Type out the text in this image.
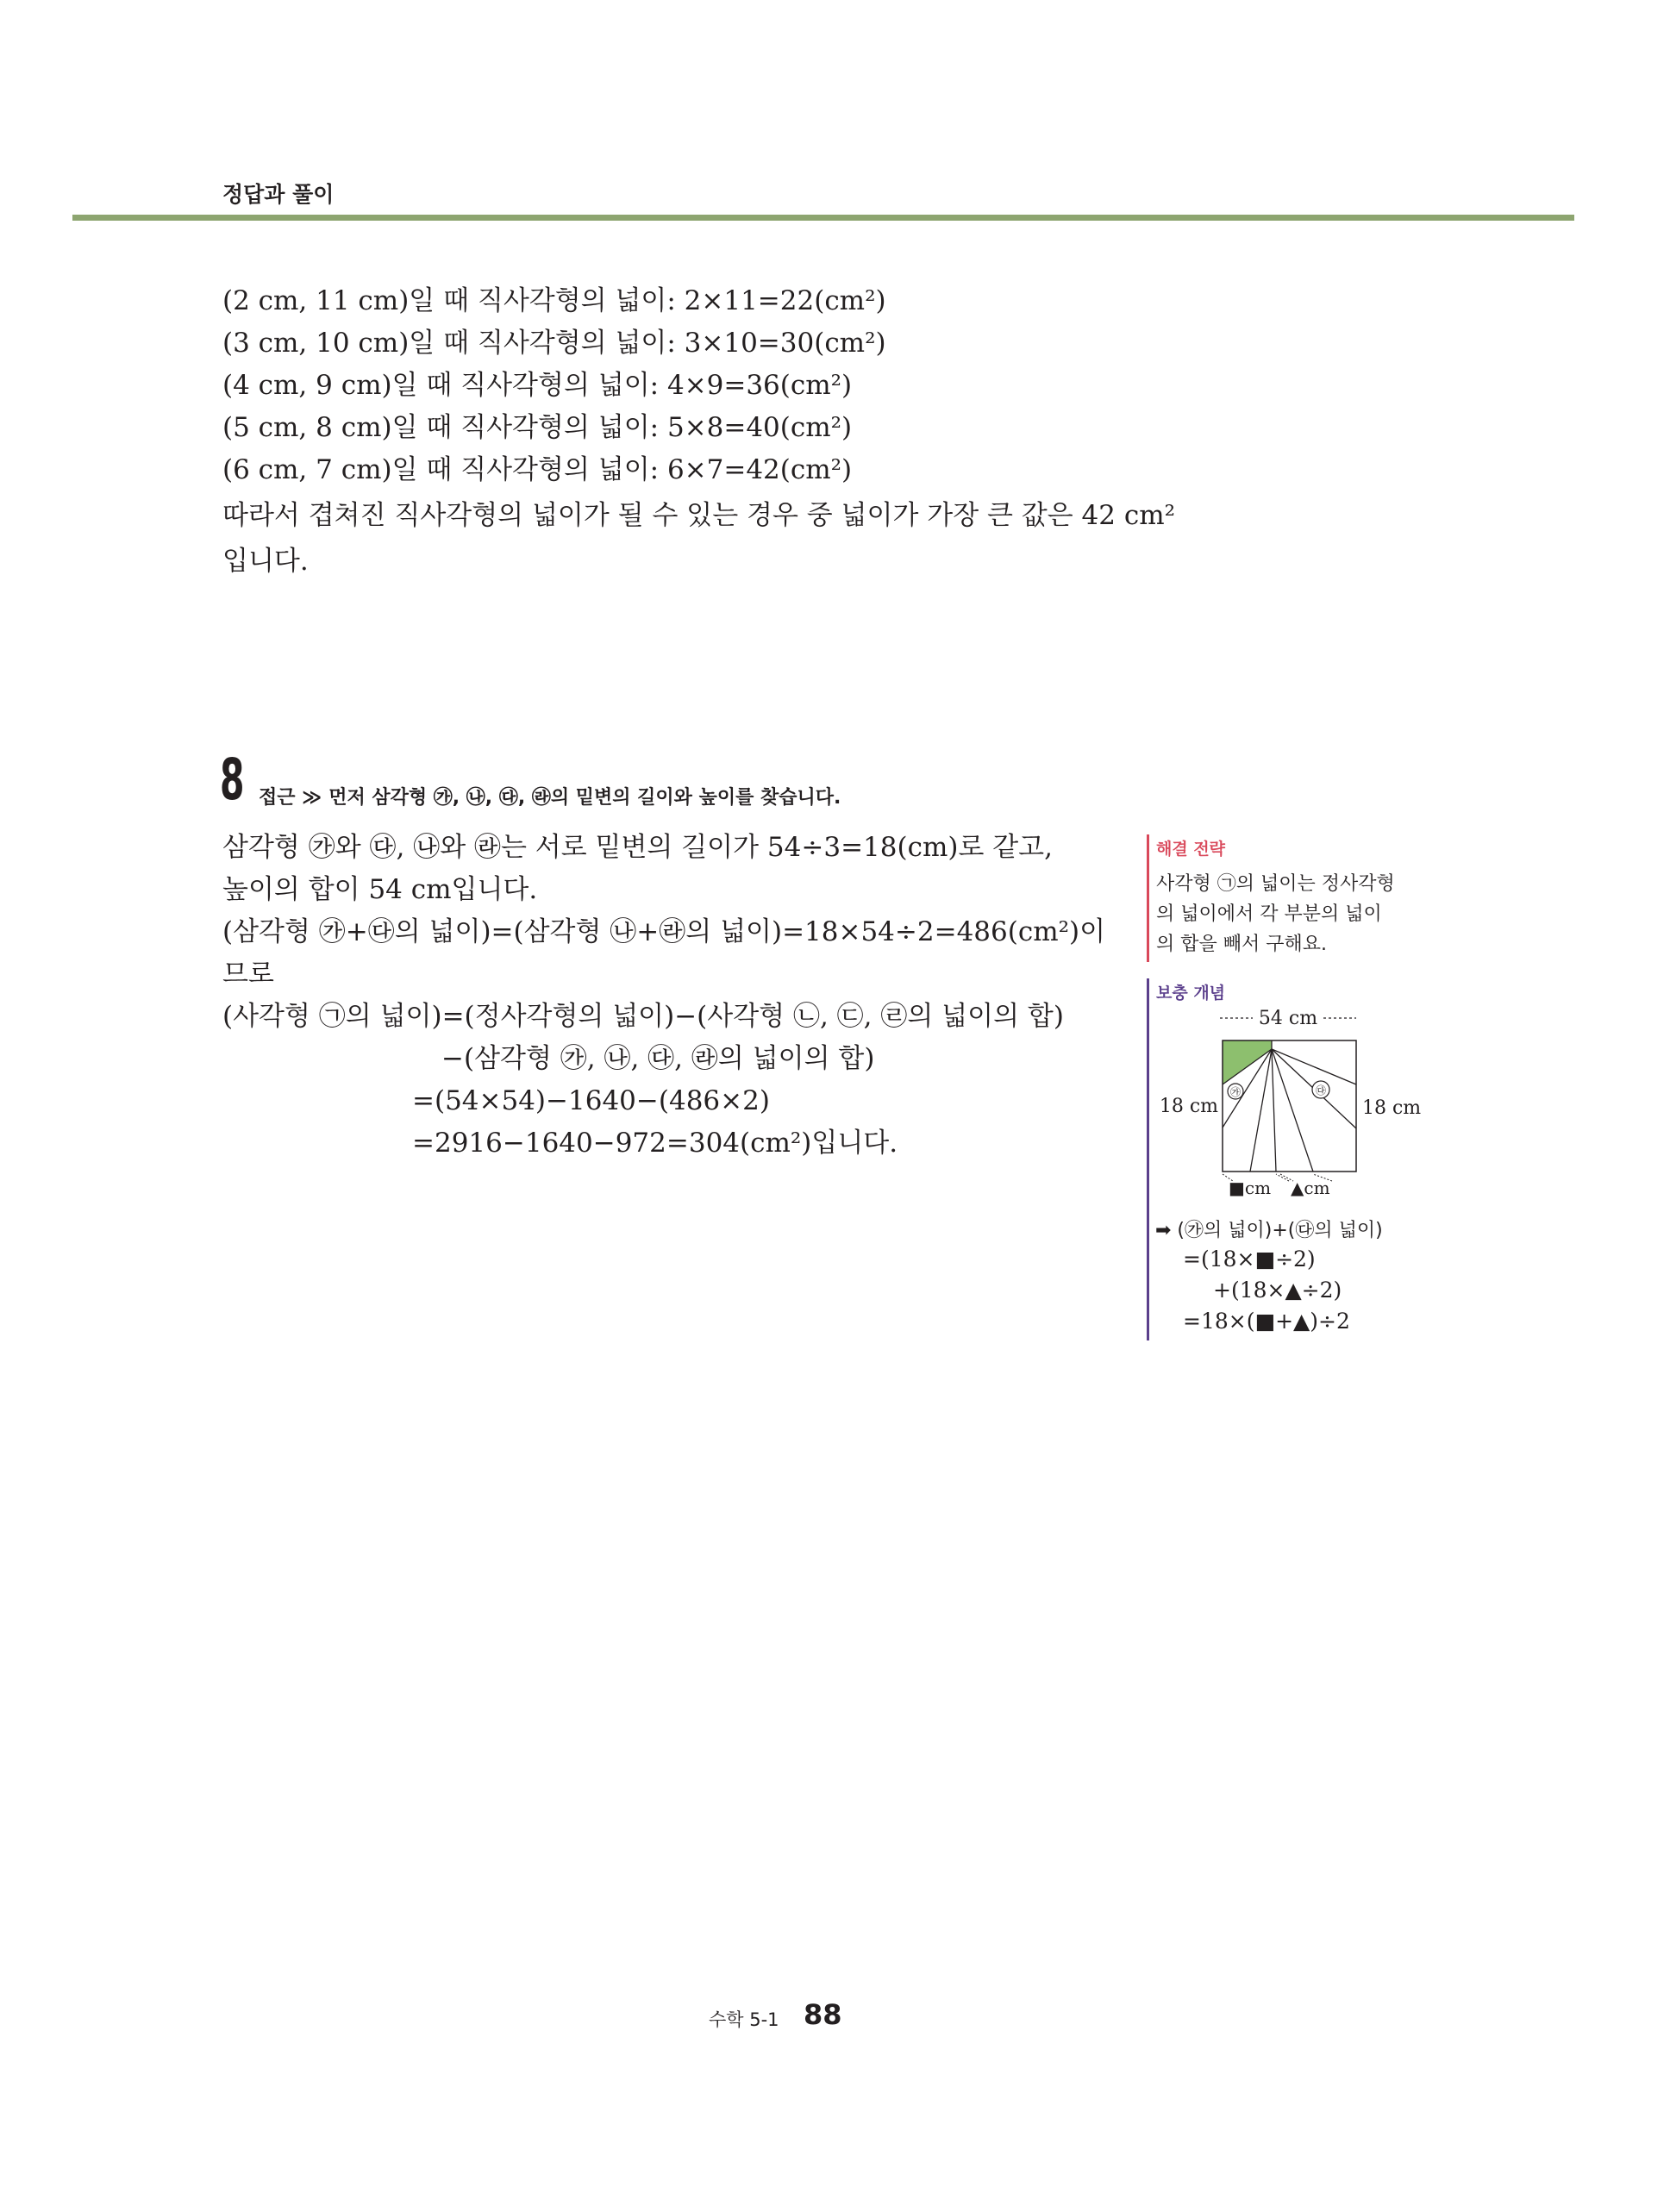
정답과 풀이
(2 cm, 11 cm)일 때 직사각형의 넓이: 2×11=22(cm²)
(3 cm, 10 cm)일 때 직사각형의 넓이: 3×10=30(cm²)
(4 cm, 9 cm)일 때 직사각형의 넓이: 4×9=36(cm²)
(5 cm, 8 cm)일 때 직사각형의 넓이: 5×8=40(cm²)
(6 cm, 7 cm)일 때 직사각형의 넓이: 6×7=42(cm²)
따라서 겹쳐진 직사각형의 넓이가 될 수 있는 경우 중 넓이가 가장 큰 값은 42 cm²
입니다.
8 접근 ≫ 먼저 삼각형 ㉮, ㉯, ㉰, ㉱의 밑변의 길이와 높이를 찾습니다.
삼각형 ㉮와 ㉰, ㉯와 ㉱는 서로 밑변의 길이가 54÷3=18(cm)로 같고,
높이의 합이 54 cm입니다.
(삼각형 ㉮+㉰의 넓이)=(삼각형 ㉯+㉱의 넓이)=18×54÷2=486(cm²)이
므로
(사각형 ㉠의 넓이)=(정사각형의 넓이)−(사각형 ㉡, ㉢, ㉣의 넓이의 합)
−(삼각형 ㉮, ㉯, ㉰, ㉱의 넓이의 합)
=(54×54)−1640−(486×2)
=2916−1640−972=304(cm²)입니다.
해결 전략
사각형 ㉠의 넓이는 정사각형
의 넓이에서 각 부분의 넓이
의 합을 빼서 구해요.
보충 개념
54 cm
㉮	㉰
18 cm	18 cm
■cm ▲cm
➡ (㉮의 넓이)+(㉰의 넓이)
=(18×■÷2)
+(18×▲÷2)
=18×(■+▲)÷2
수학 5-1 88
